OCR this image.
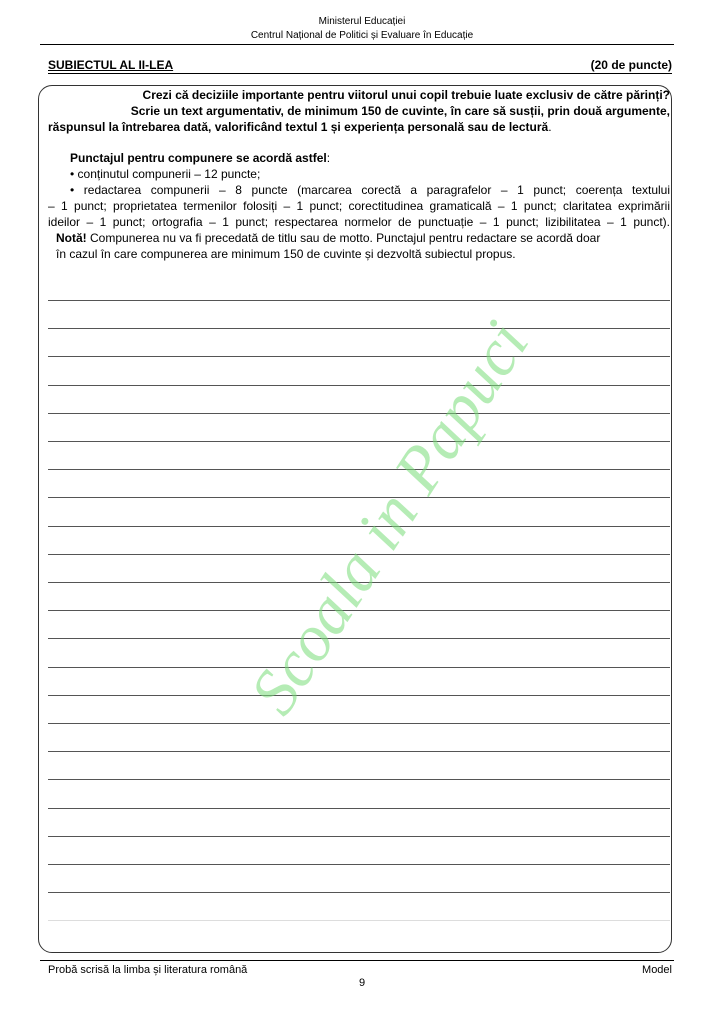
Ministerul Educației
Centrul Național de Politici și Evaluare în Educație
SUBIECTUL AL II-LEA	(20 de puncte)

Crezi că deciziile importante pentru viitorul unui copil trebuie luate exclusiv de către părinți?

Scrie un text argumentativ, de minimum 150 de cuvinte, în care să susții, prin două argumente,

răspunsul la întrebarea dată, valorificând textul 1 și experiența personală sau de lectură.

Punctajul pentru compunere se acordă astfel:

• conținutul compunerii – 12 puncte;

• redactarea compunerii – 8 puncte (marcarea corectă a paragrafelor – 1 punct; coerența textului

– 1 punct; proprietatea termenilor folosiți – 1 punct; corectitudinea gramaticală – 1 punct; claritatea exprimării

ideilor – 1 punct; ortografia – 1 punct; respectarea normelor de punctuație – 1 punct; lizibilitatea – 1 punct).

Notă! Compunerea nu va fi precedată de titlu sau de motto. Punctajul pentru redactare se acordă doar

în cazul în care compunerea are minimum 150 de cuvinte și dezvoltă subiectul propus.

Scoala in Papuci
Probă scrisă la limba și literatura română	Model
9
